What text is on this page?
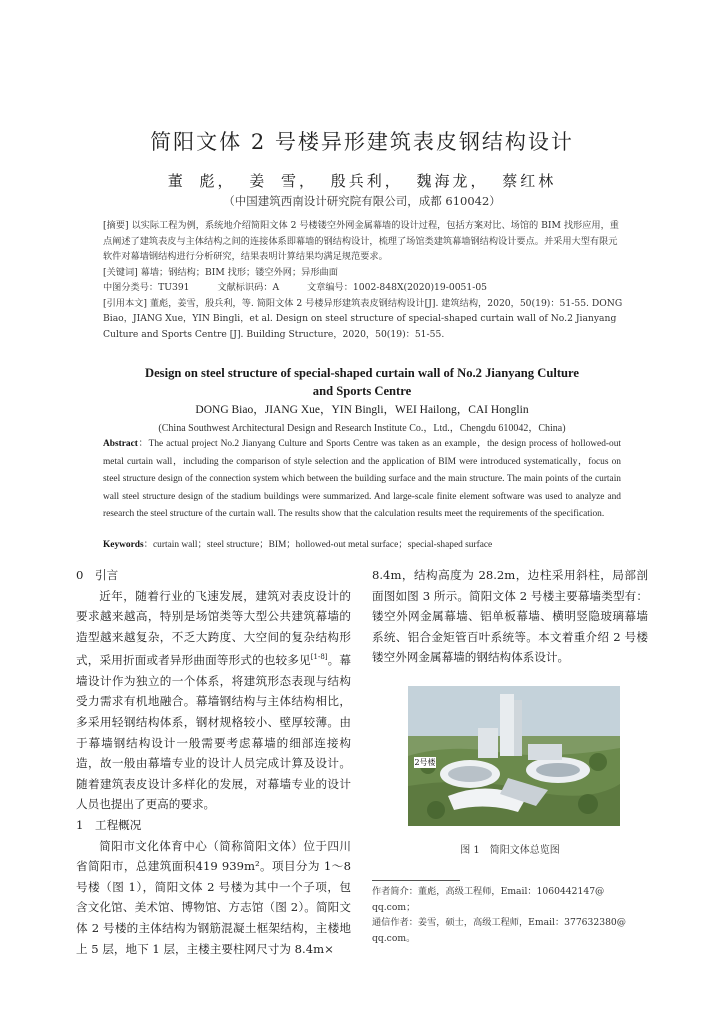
简阳文体 2 号楼异形建筑表皮钢结构设计
董 彪， 姜 雪， 殷兵利， 魏海龙， 蔡红林
（中国建筑西南设计研究院有限公司，成都 610042）

[摘要] 以实际工程为例，系统地介绍简阳文体 2 号楼镂空外网金属幕墙的设计过程，包括方案对比、场馆的 BIM 找形应用，重点阐述了建筑表皮与主体结构之间的连接体系即幕墙的钢结构设计，梳理了场馆类建筑幕墙钢结构设计要点。并采用大型有限元软件对幕墙钢结构进行分析研究，结果表明计算结果均满足规范要求。

[关键词] 幕墙；钢结构；BIM 找形；镂空外网；异形曲面

中图分类号：TU391	文献标识码：A	文章编号：1002-848X(2020)19-0051-05

[引用本文] 董彪，姜雪，殷兵利，等. 简阳文体 2 号楼异形建筑表皮钢结构设计[J]. 建筑结构，2020，50(19)：51-55. DONG Biao，JIANG Xue，YIN Bingli，et al. Design on steel structure of special-shaped curtain wall of No.2 Jianyang Culture and Sports Centre [J]. Building Structure，2020，50(19)：51-55.

Design on steel structure of special-shaped curtain wall of No.2 Jianyang Culture
and Sports Centre
DONG Biao，JIANG Xue，YIN Bingli，WEI Hailong，CAI Honglin
(China Southwest Architectural Design and Research Institute Co.，Ltd.，Chengdu 610042，China)
Abstract：The actual project No.2 Jianyang Culture and Sports Centre was taken as an example，the design process of hollowed-out metal curtain wall，including the comparison of style selection and the application of BIM were introduced systematically，focus on steel structure design of the connection system which between the building surface and the main structure. The main points of the curtain wall steel structure design of the stadium buildings were summarized. And large-scale finite element software was used to analyze and research the steel structure of the curtain wall. The results show that the calculation results meet the requirements of the specification.
Keywords：curtain wall；steel structure；BIM；hollowed-out metal surface；special-shaped surface

0　引言

近年，随着行业的飞速发展，建筑对表皮设计的要求越来越高，特别是场馆类等大型公共建筑幕墙的造型越来越复杂，不乏大跨度、大空间的复杂结构形式，采用折面或者异形曲面等形式的也较多见[1-8]。幕墙设计作为独立的一个体系，将建筑形态表现与结构受力需求有机地融合。幕墙钢结构与主体结构相比，多采用轻钢结构体系，钢材规格较小、壁厚较薄。由于幕墙钢结构设计一般需要考虑幕墙的细部连接构造，故一般由幕墙专业的设计人员完成计算及设计。随着建筑表皮设计多样化的发展，对幕墙专业的设计人员也提出了更高的要求。

1　工程概况

简阳市文化体育中心（简称简阳文体）位于四川省简阳市，总建筑面积419 939m²。项目分为 1～8 号楼（图 1），简阳文体 2 号楼为其中一个子项，包含文化馆、美术馆、博物馆、方志馆（图 2）。简阳文体 2 号楼的主体结构为钢筋混凝土框架结构，主楼地上 5 层，地下 1 层，主楼主要柱网尺寸为 8.4m×

8.4m，结构高度为 28.2m，边柱采用斜柱，局部剖面图如图 3 所示。简阳文体 2 号楼主要幕墙类型有：镂空外网金属幕墙、铝单板幕墙、横明竖隐玻璃幕墙系统、铝合金矩管百叶系统等。本文着重介绍 2 号楼镂空外网金属幕墙的钢结构体系设计。

2号楼
图 1　简阳文体总览图
作者简介：董彪，高级工程师，Email：1060442147@ qq.com；
通信作者：姜雪，硕士，高级工程师，Email：377632380@ qq.com。
